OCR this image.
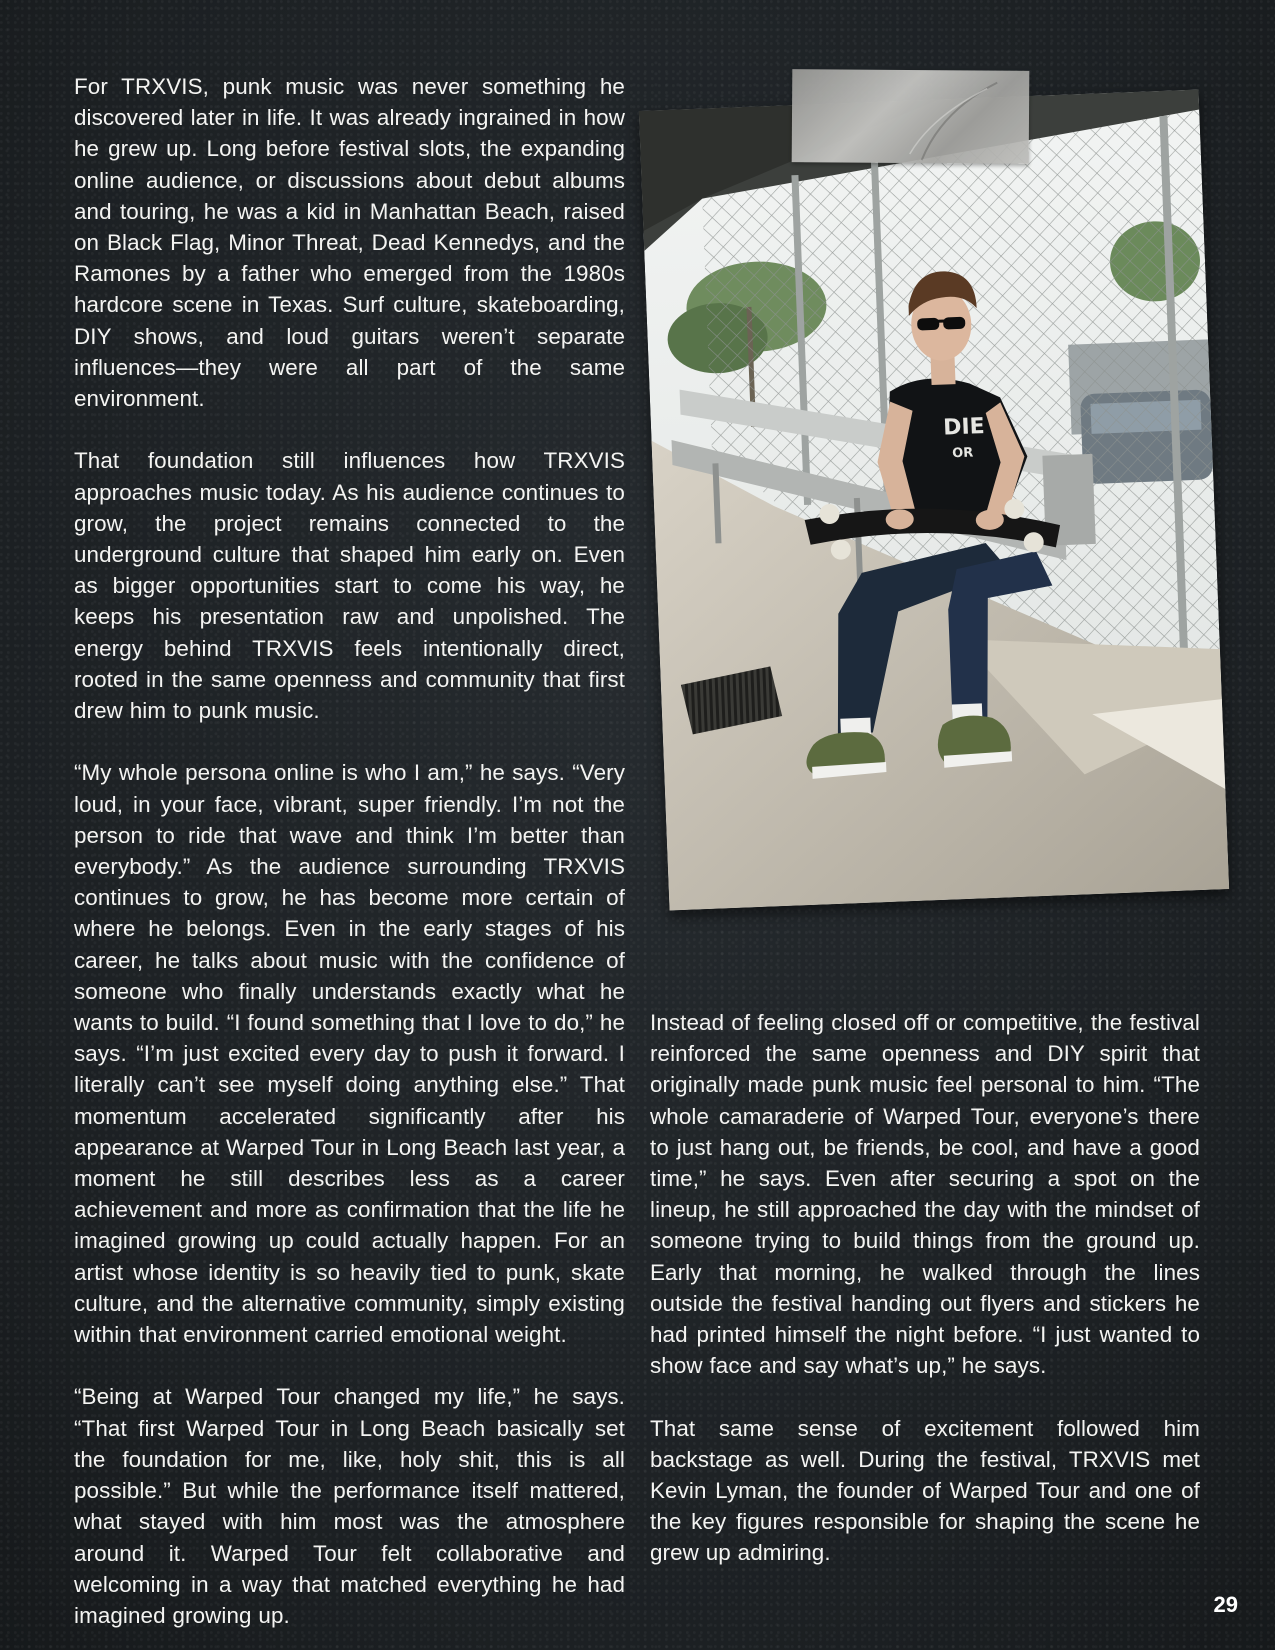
For TRXVIS, punk music was never something he discovered later in life. It was already ingrained in how he grew up. Long before festival slots, the expanding online audience, or discussions about debut albums and touring, he was a kid in Manhattan Beach, raised on Black Flag, Minor Threat, Dead Kennedys, and the Ramones by a father who emerged from the 1980s hardcore scene in Texas. Surf culture, skateboarding, DIY shows, and loud guitars weren’t separate influences—they were all part of the same environment.

That foundation still influences how TRXVIS approaches music today. As his audience continues to grow, the project remains connected to the underground culture that shaped him early on. Even as bigger opportunities start to come his way, he keeps his presentation raw and unpolished. The energy behind TRXVIS feels intentionally direct, rooted in the same openness and community that first drew him to punk music.

“My whole persona online is who I am,” he says. “Very loud, in your face, vibrant, super friendly. I’m not the person to ride that wave and think I’m better than everybody.” As the audience surrounding TRXVIS continues to grow, he has become more certain of where he belongs. Even in the early stages of his career, he talks about music with the confidence of someone who finally understands exactly what he wants to build. “I found something that I love to do,” he says. “I’m just excited every day to push it forward. I literally can’t see myself doing anything else.” That momentum accelerated significantly after his appearance at Warped Tour in Long Beach last year, a moment he still describes less as a career achievement and more as confirmation that the life he imagined growing up could actually happen. For an artist whose identity is so heavily tied to punk, skate culture, and the alternative community, simply existing within that environment carried emotional weight.

“Being at Warped Tour changed my life,” he says. “That first Warped Tour in Long Beach basically set the foundation for me, like, holy shit, this is all possible.” But while the performance itself mattered, what stayed with him most was the atmosphere around it. Warped Tour felt collaborative and welcoming in a way that matched everything he had imagined growing up.

DIE
OR

Instead of feeling closed off or competitive, the festival reinforced the same openness and DIY spirit that originally made punk music feel personal to him. “The whole camaraderie of Warped Tour, everyone’s there to just hang out, be friends, be cool, and have a good time,” he says. Even after securing a spot on the lineup, he still approached the day with the mindset of someone trying to build things from the ground up. Early that morning, he walked through the lines outside the festival handing out flyers and stickers he had printed himself the night before. “I just wanted to show face and say what’s up,” he says.

That same sense of excitement followed him backstage as well. During the festival, TRXVIS met Kevin Lyman, the founder of Warped Tour and one of the key figures responsible for shaping the scene he grew up admiring.

29
